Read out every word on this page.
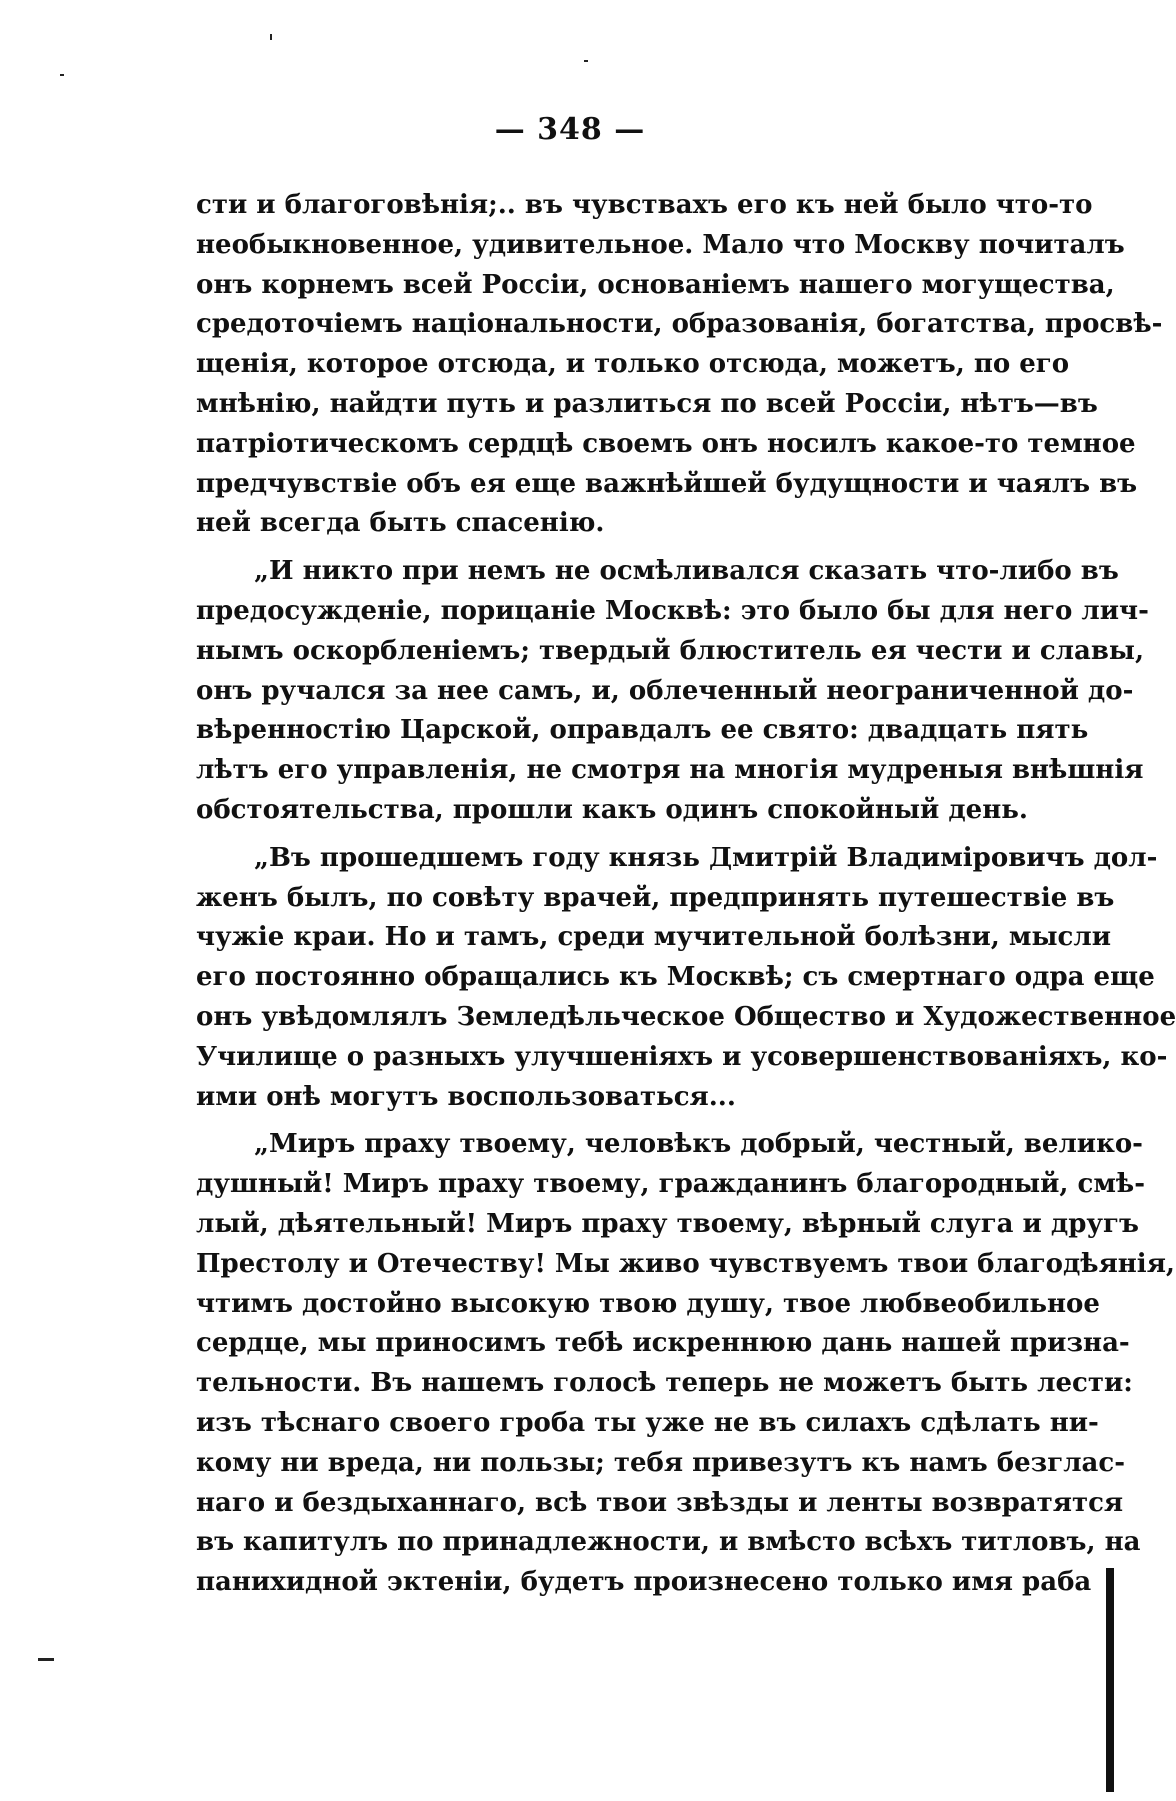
— 348 —
сти и благоговѣнія;.. въ чувствахъ его къ ней было что-то
необыкновенное, удивительное. Мало что Москву почиталъ
онъ корнемъ всей Россіи, основаніемъ нашего могущества,
средоточіемъ національности, образованія, богатства, просвѣ-
щенія, которое отсюда, и только отсюда, можетъ, по его
мнѣнію, найдти путь и разлиться по всей Россіи, нѣтъ—въ
патріотическомъ сердцѣ своемъ онъ носилъ какое-то темное
предчувствіе объ ея еще важнѣйшей будущности и чаялъ въ
ней всегда быть спасенію.
„И никто при немъ не осмѣливался сказать что-либо въ
предосужденіе, порицаніе Москвѣ: это было бы для него лич-
нымъ оскорбленіемъ; твердый блюститель ея чести и славы,
онъ ручался за нее самъ, и, облеченный неограниченной до-
вѣренностію Царской, оправдалъ ее свято: двадцать пять
лѣтъ его управленія, не смотря на многія мудреныя внѣшнія
обстоятельства, прошли какъ одинъ спокойный день.
„Въ прошедшемъ году князь Дмитрій Владиміровичъ дол-
женъ былъ, по совѣту врачей, предпринять путешествіе въ
чужіе краи. Но и тамъ, среди мучительной болѣзни, мысли
его постоянно обращались къ Москвѣ; съ смертнаго одра еще
онъ увѣдомлялъ Земледѣльческое Общество и Художественное
Училище о разныхъ улучшеніяхъ и усовершенствованіяхъ, ко-
ими онѣ могутъ воспользоваться...
„Миръ праху твоему, человѣкъ добрый, честный, велико-
душный! Миръ праху твоему, гражданинъ благородный, смѣ-
лый, дѣятельный! Миръ праху твоему, вѣрный слуга и другъ
Престолу и Отечеству! Мы живо чувствуемъ твои благодѣянія,
чтимъ достойно высокую твою душу, твое любвеобильное
сердце, мы приносимъ тебѣ искреннюю дань нашей призна-
тельности. Въ нашемъ голосѣ теперь не можетъ быть лести:
изъ тѣснаго своего гроба ты уже не въ силахъ сдѣлать ни-
кому ни вреда, ни пользы; тебя привезутъ къ намъ безглас-
наго и бездыханнаго, всѣ твои звѣзды и ленты возвратятся
въ капитулъ по принадлежности, и вмѣсто всѣхъ титловъ, на
панихидной эктеніи, будетъ произнесено только имя раба
